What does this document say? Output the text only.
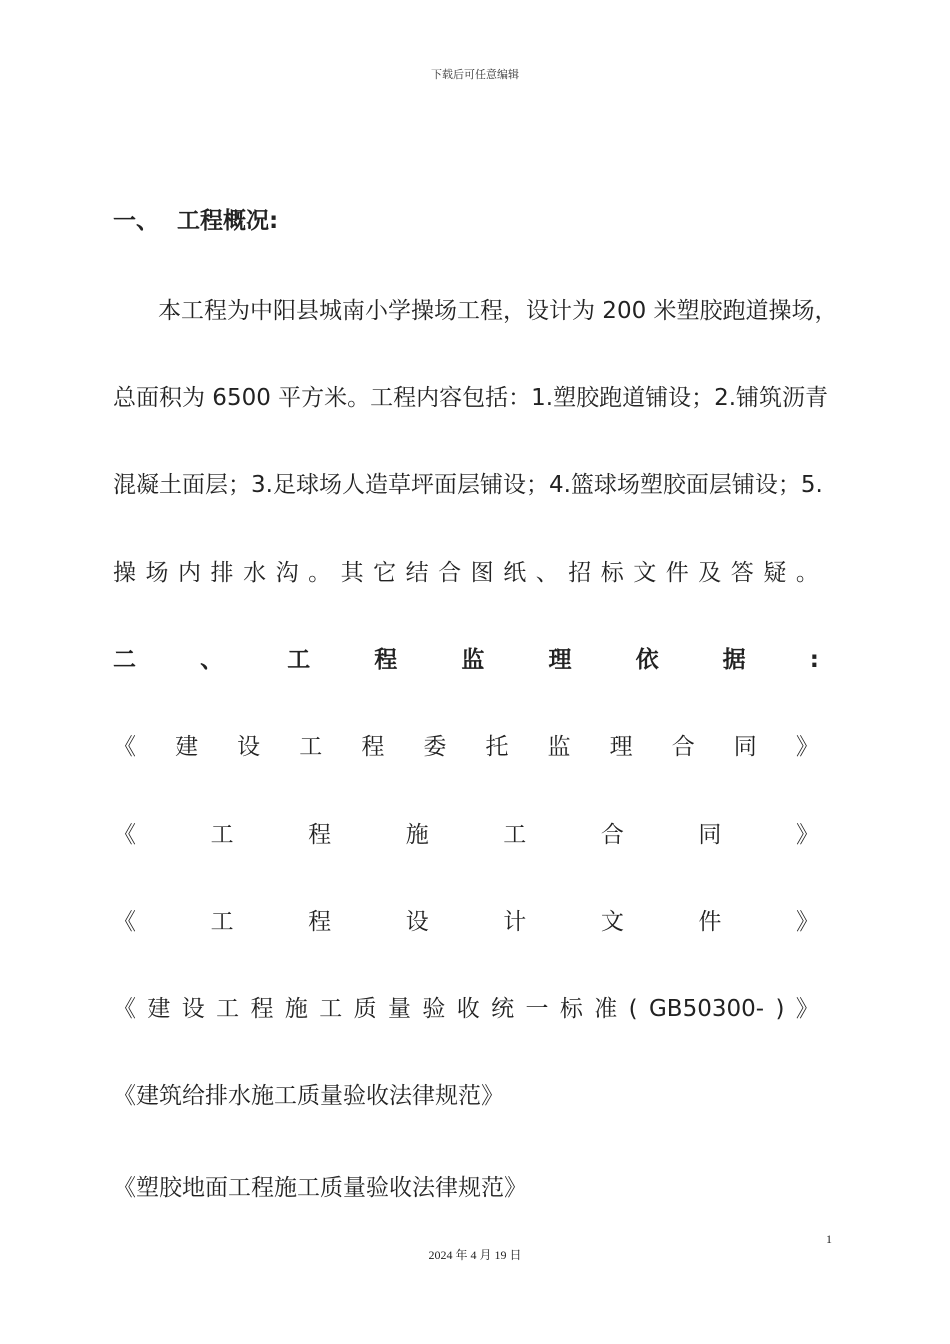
下载后可任意编辑
一、 工程概况:
本工程为中阳县城南小学操场工程，设计为 200 米塑胶跑道操场，
总面积为 6500 平方米。工程内容包括：1.塑胶跑道铺设；2.铺筑沥青
混凝土面层；3.足球场人造草坪面层铺设；4.篮球场塑胶面层铺设；5.
操 场 内 排 水 沟 。 其 它 结 合 图 纸 、 招 标 文 件 及 答 疑 。
二	、	工	程	监	理	依	据	:
《 建 设 工 程 委 托 监 理 合 同 》
《	工	程	施	工	合	同	》
《	工	程	设	计	文	件	》
《 建 设 工 程 施 工 质 量 验 收 统 一 标 准 ( GB50300- ) 》
《建筑给排水施工质量验收法律规范》
《塑胶地面工程施工质量验收法律规范》
1
2024 年 4 月 19 日
